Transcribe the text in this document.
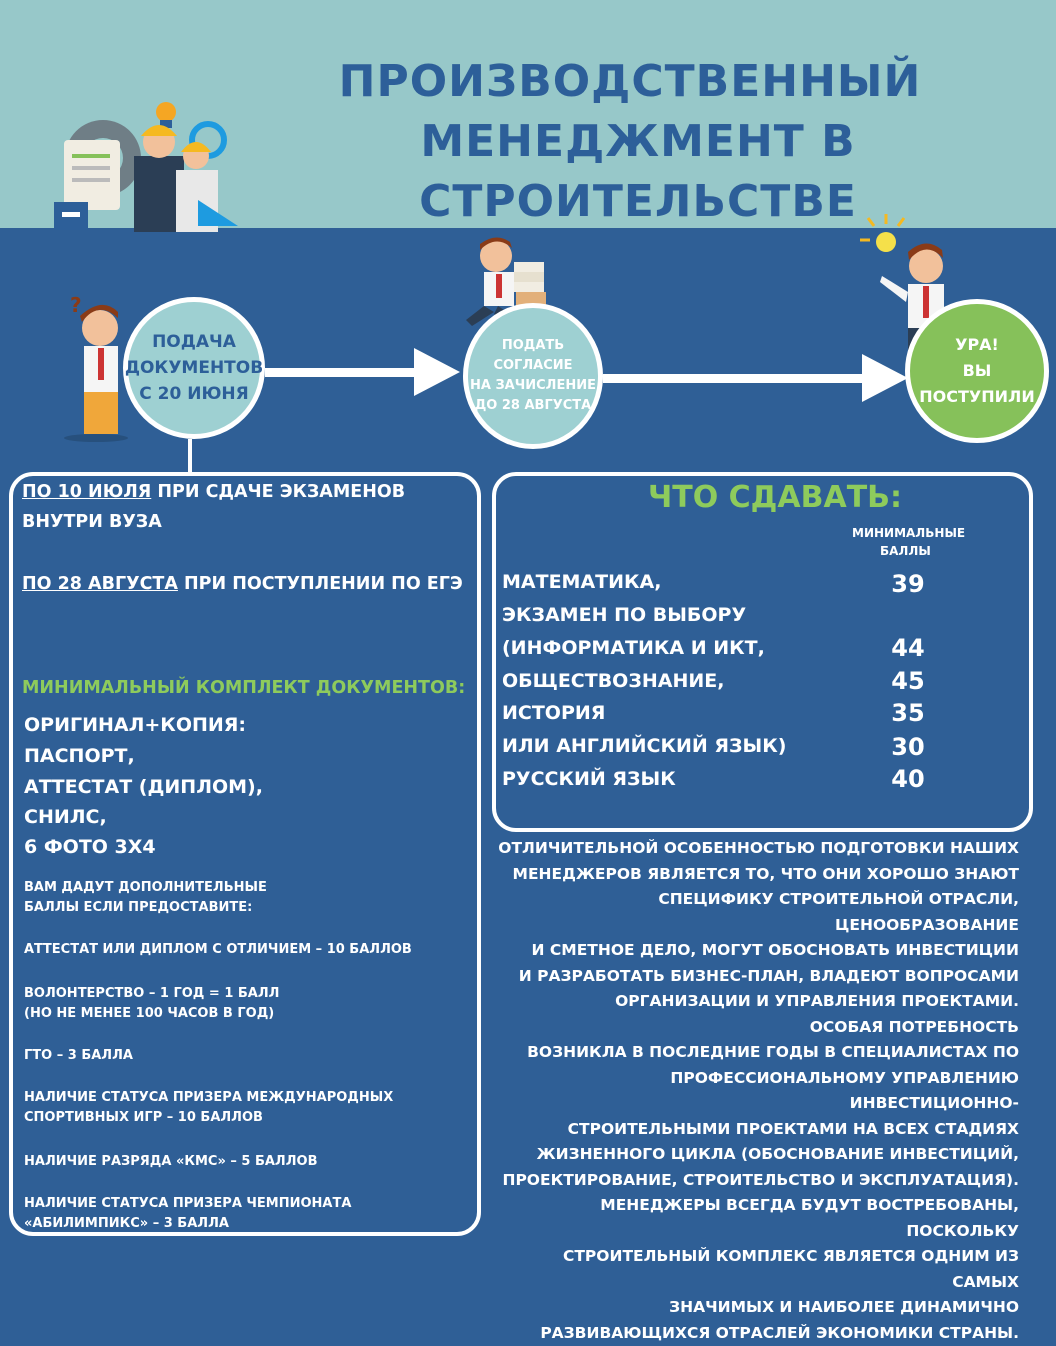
ПРОИЗВОДСТВЕННЫЙ
МЕНЕДЖМЕНТ В СТРОИТЕЛЬСТВЕ
?
ПОДАЧА
ДОКУМЕНТОВ
С 20 ИЮНЯ
ПОДАТЬ
СОГЛАСИЕ
НА ЗАЧИСЛЕНИЕ
ДО 28 АВГУСТА
УРА!
ВЫ
ПОСТУПИЛИ
ПО 10 ИЮЛЯ ПРИ СДАЧЕ ЭКЗАМЕНОВ
ВНУТРИ ВУЗА
ПО 28 АВГУСТА ПРИ ПОСТУПЛЕНИИ ПО ЕГЭ
МИНИМАЛЬНЫЙ КОМПЛЕКТ ДОКУМЕНТОВ:
ОРИГИНАЛ+КОПИЯ:
ПАСПОРТ,
АТТЕСТАТ (ДИПЛОМ),
СНИЛС,
6 ФОТО 3Х4
ВАМ ДАДУТ ДОПОЛНИТЕЛЬНЫЕ
БАЛЛЫ ЕСЛИ ПРЕДОСТАВИТЕ:
АТТЕСТАТ ИЛИ ДИПЛОМ С ОТЛИЧИЕМ – 10 БАЛЛОВ
ВОЛОНТЕРСТВО – 1 ГОД = 1 БАЛЛ
(НО НЕ МЕНЕЕ 100 ЧАСОВ В ГОД)
ГТО – 3 БАЛЛА
НАЛИЧИЕ СТАТУСА ПРИЗЕРА МЕЖДУНАРОДНЫХ
СПОРТИВНЫХ ИГР – 10 БАЛЛОВ
НАЛИЧИЕ РАЗРЯДА «КМС» – 5 БАЛЛОВ
НАЛИЧИЕ СТАТУСА ПРИЗЕРА ЧЕМПИОНАТА
«АБИЛИМПИКС» – 3 БАЛЛА
ЧТО СДАВАТЬ:
МИНИМАЛЬНЫЕ
БАЛЛЫ
МАТЕМАТИКА,
ЭКЗАМЕН ПО ВЫБОРУ
(ИНФОРМАТИКА И ИКТ,
ОБЩЕСТВОЗНАНИЕ,
ИСТОРИЯ
ИЛИ АНГЛИЙСКИЙ ЯЗЫК)
РУССКИЙ ЯЗЫК
39
44
45
35
30
40
ОТЛИЧИТЕЛЬНОЙ ОСОБЕННОСТЬЮ ПОДГОТОВКИ НАШИХ
МЕНЕДЖЕРОВ ЯВЛЯЕТСЯ ТО, ЧТО ОНИ ХОРОШО ЗНАЮТ
СПЕЦИФИКУ СТРОИТЕЛЬНОЙ ОТРАСЛИ, ЦЕНООБРАЗОВАНИЕ
И СМЕТНОЕ ДЕЛО, МОГУТ ОБОСНОВАТЬ ИНВЕСТИЦИИ
И РАЗРАБОТАТЬ БИЗНЕС-ПЛАН, ВЛАДЕЮТ ВОПРОСАМИ
ОРГАНИЗАЦИИ И УПРАВЛЕНИЯ ПРОЕКТАМИ.
ОСОБАЯ ПОТРЕБНОСТЬ
ВОЗНИКЛА В ПОСЛЕДНИЕ ГОДЫ В СПЕЦИАЛИСТАХ ПО
ПРОФЕССИОНАЛЬНОМУ УПРАВЛЕНИЮ ИНВЕСТИЦИОННО-
СТРОИТЕЛЬНЫМИ ПРОЕКТАМИ НА ВСЕХ СТАДИЯХ
ЖИЗНЕННОГО ЦИКЛА (ОБОСНОВАНИЕ ИНВЕСТИЦИЙ,
ПРОЕКТИРОВАНИЕ, СТРОИТЕЛЬСТВО И ЭКСПЛУАТАЦИЯ).
МЕНЕДЖЕРЫ ВСЕГДА БУДУТ ВОСТРЕБОВАНЫ, ПОСКОЛЬКУ
СТРОИТЕЛЬНЫЙ КОМПЛЕКС ЯВЛЯЕТСЯ ОДНИМ ИЗ САМЫХ
ЗНАЧИМЫХ И НАИБОЛЕЕ ДИНАМИЧНО
РАЗВИВАЮЩИХСЯ ОТРАСЛЕЙ ЭКОНОМИКИ СТРАНЫ.
